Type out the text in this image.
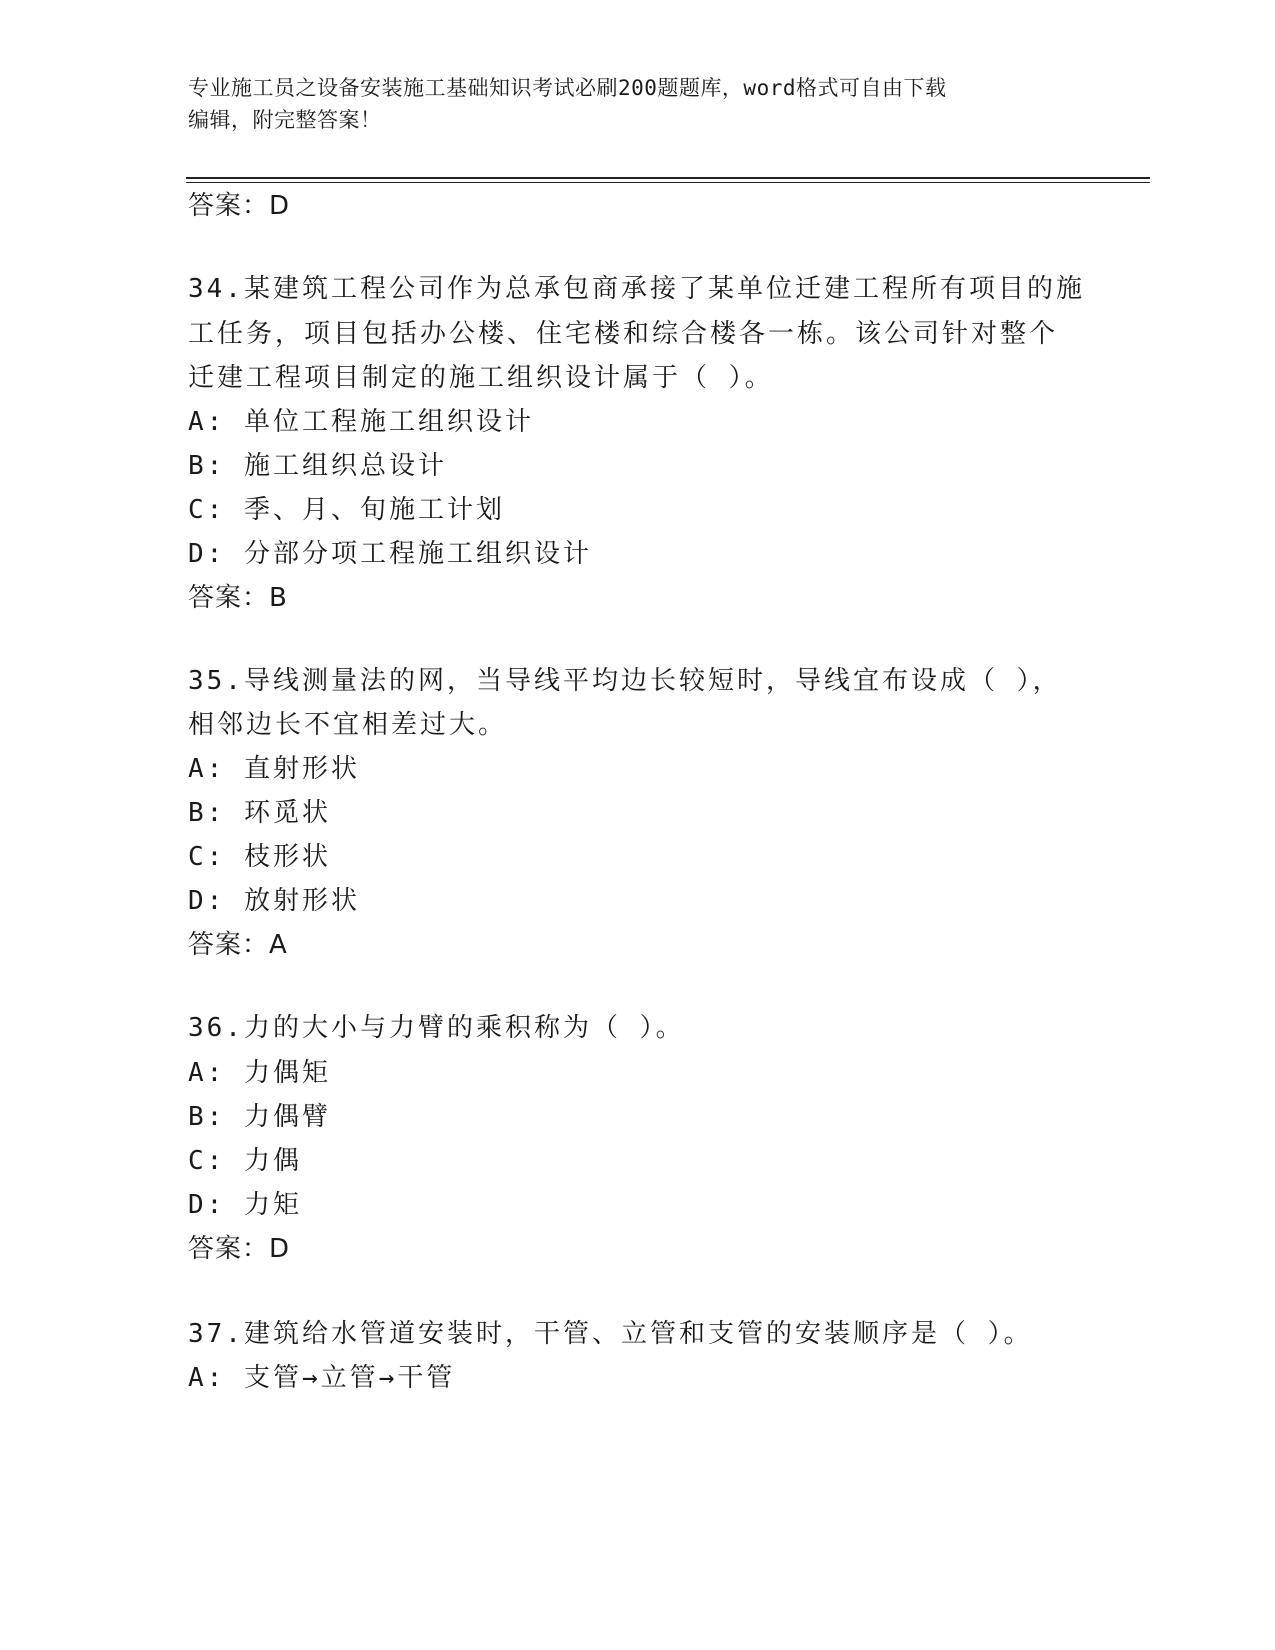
专业施工员之设备安装施工基础知识考试必刷200题题库，word格式可自由下载
编辑，附完整答案！
答案：D
34.某建筑工程公司作为总承包商承接了某单位迁建工程所有项目的施
工任务，项目包括办公楼、住宅楼和综合楼各一栋。该公司针对整个
迁建工程项目制定的施工组织设计属于（ ）。
A: 单位工程施工组织设计
B: 施工组织总设计
C: 季、月、旬施工计划
D: 分部分项工程施工组织设计
答案：B
35.导线测量法的网，当导线平均边长较短时，导线宜布设成（ ），
相邻边长不宜相差过大。
A: 直射形状
B: 环觅状
C: 枝形状
D: 放射形状
答案：A
36.力的大小与力臂的乘积称为（ ）。
A: 力偶矩
B: 力偶臂
C: 力偶
D: 力矩
答案：D
37.建筑给水管道安装时，干管、立管和支管的安装顺序是（ ）。
A: 支管→立管→干管
